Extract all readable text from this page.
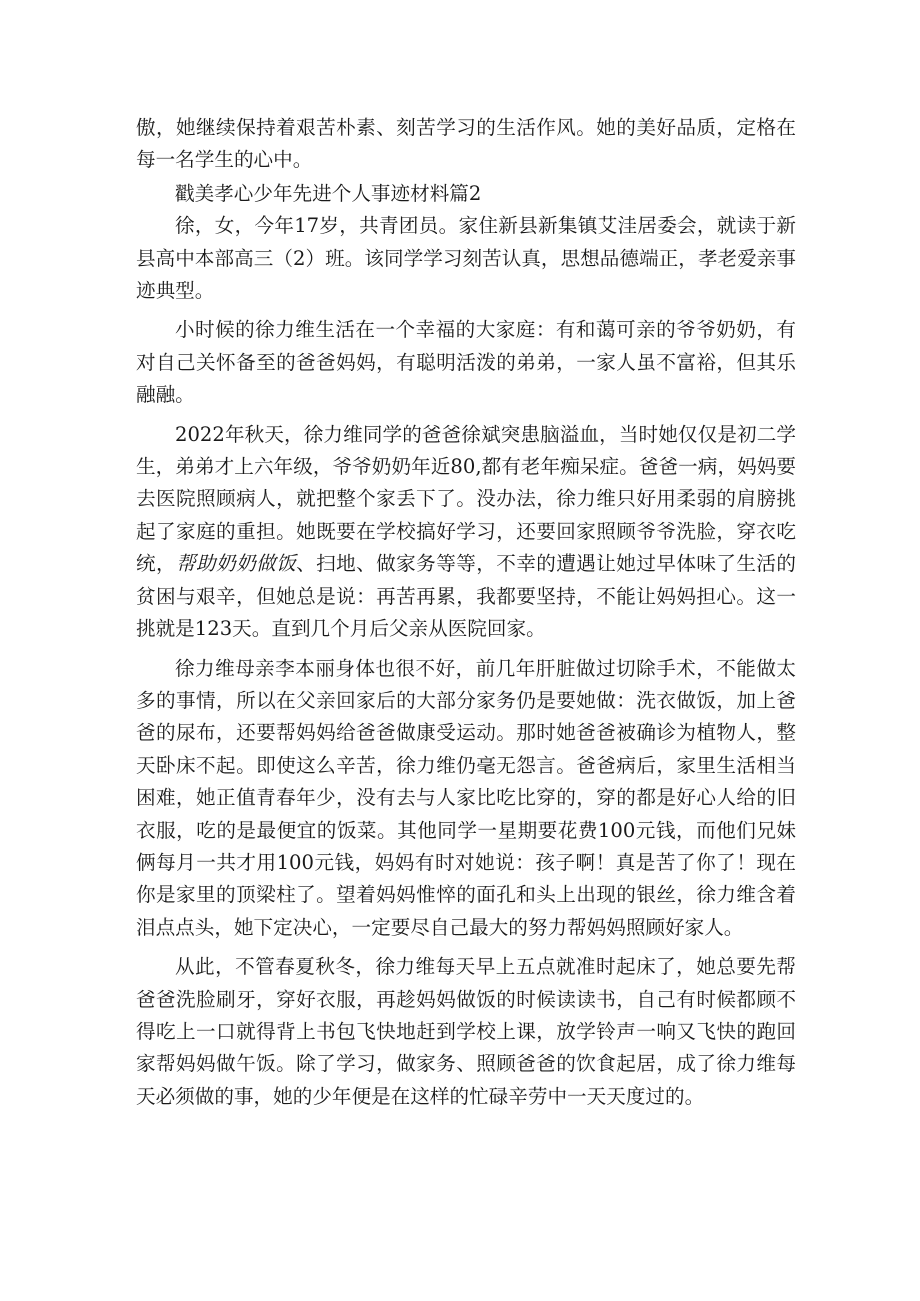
傲，她继续保持着艰苦朴素、刻苦学习的生活作风。她的美好品质，定格在每一名学生的心中。

戳美孝心少年先进个人事迹材料篇2

徐，女，今年17岁，共青团员。家住新县新集镇艾洼居委会，就读于新县高中本部高三（2）班。该同学学习刻苦认真，思想品德端正，孝老爱亲事迹典型。

小时候的徐力维生活在一个幸福的大家庭：有和蔼可亲的爷爷奶奶，有对自己关怀备至的爸爸妈妈，有聪明活泼的弟弟，一家人虽不富裕，但其乐融融。

2022年秋天，徐力维同学的爸爸徐斌突患脑溢血，当时她仅仅是初二学生，弟弟才上六年级，爷爷奶奶年近80,都有老年痴呆症。爸爸一病，妈妈要去医院照顾病人，就把整个家丢下了。没办法，徐力维只好用柔弱的肩膀挑起了家庭的重担。她既要在学校搞好学习，还要回家照顾爷爷洗脸，穿衣吃统，帮助奶奶做饭、扫地、做家务等等，不幸的遭遇让她过早体味了生活的贫困与艰辛，但她总是说：再苦再累，我都要坚持，不能让妈妈担心。这一挑就是123天。直到几个月后父亲从医院回家。

徐力维母亲李本丽身体也很不好，前几年肝脏做过切除手术，不能做太多的事情，所以在父亲回家后的大部分家务仍是要她做：洗衣做饭，加上爸爸的尿布，还要帮妈妈给爸爸做康受运动。那时她爸爸被确诊为植物人，整天卧床不起。即使这么辛苦，徐力维仍毫无怨言。爸爸病后，家里生活相当困难，她正值青春年少，没有去与人家比吃比穿的，穿的都是好心人给的旧衣服，吃的是最便宜的饭菜。其他同学一星期要花费100元钱，而他们兄妹俩每月一共才用100元钱，妈妈有时对她说：孩子啊！真是苦了你了！现在你是家里的顶梁柱了。望着妈妈惟悴的面孔和头上出现的银丝，徐力维含着泪点点头，她下定决心，一定要尽自己最大的努力帮妈妈照顾好家人。

从此，不管春夏秋冬，徐力维每天早上五点就准时起床了，她总要先帮爸爸洗脸刷牙，穿好衣服，再趁妈妈做饭的时候读读书，自己有时候都顾不得吃上一口就得背上书包飞快地赶到学校上课，放学铃声一响又飞快的跑回家帮妈妈做午饭。除了学习，做家务、照顾爸爸的饮食起居，成了徐力维每天必须做的事，她的少年便是在这样的忙碌辛劳中一天天度过的。
